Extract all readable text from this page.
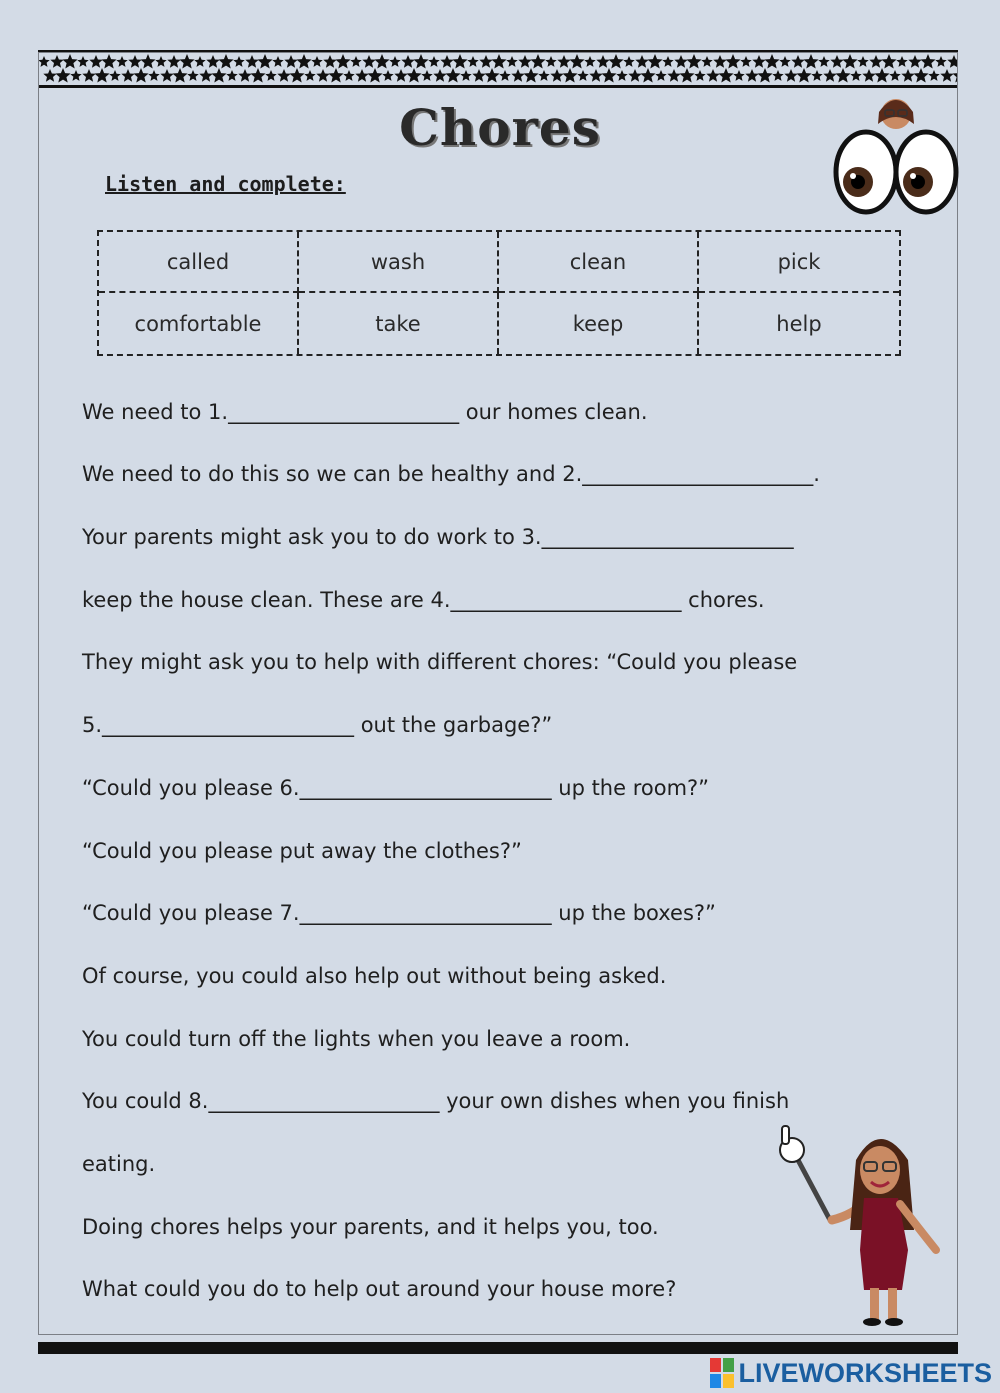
Chores
Listen and complete:
called	wash	clean	pick
comfortable	take	keep	help
We need to 1.______________________ our homes clean.
We need to do this so we can be healthy and 2.______________________.
Your parents might ask you to do work to 3.________________________
keep the house clean. These are 4.______________________ chores.
They might ask you to help with different chores: “Could you please
5.________________________ out the garbage?”
“Could you please 6.________________________ up the room?”
“Could you please put away the clothes?”
“Could you please 7.________________________ up the boxes?”
Of course, you could also help out without being asked.
You could turn off the lights when you leave a room.
You could 8.______________________ your own dishes when you finish
eating.
Doing chores helps your parents, and it helps you, too.
What could you do to help out around your house more?
LIVEWORKSHEETS
